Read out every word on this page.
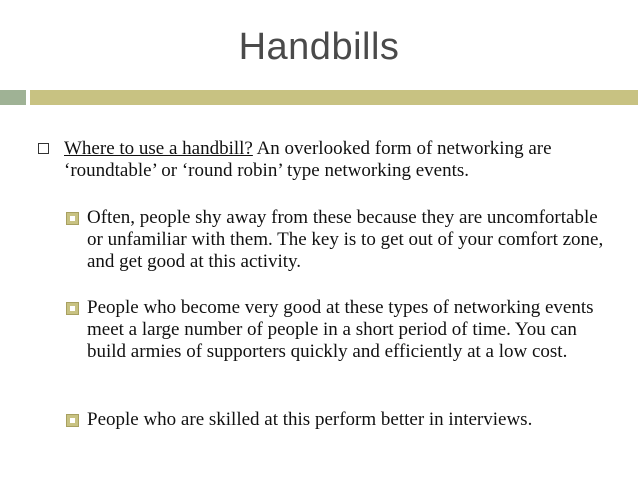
Handbills
Where to use a handbill? An overlooked form of networking are ‘roundtable’ or ‘round robin’ type networking events.
Often, people shy away from these because they are uncomfortable or unfamiliar with them. The key is to get out of your comfort zone, and get good at this activity.
People who become very good at these types of networking events meet a large number of people in a short period of time. You can build armies of supporters quickly and efficiently at a low cost.
People who are skilled at this perform better in interviews.
